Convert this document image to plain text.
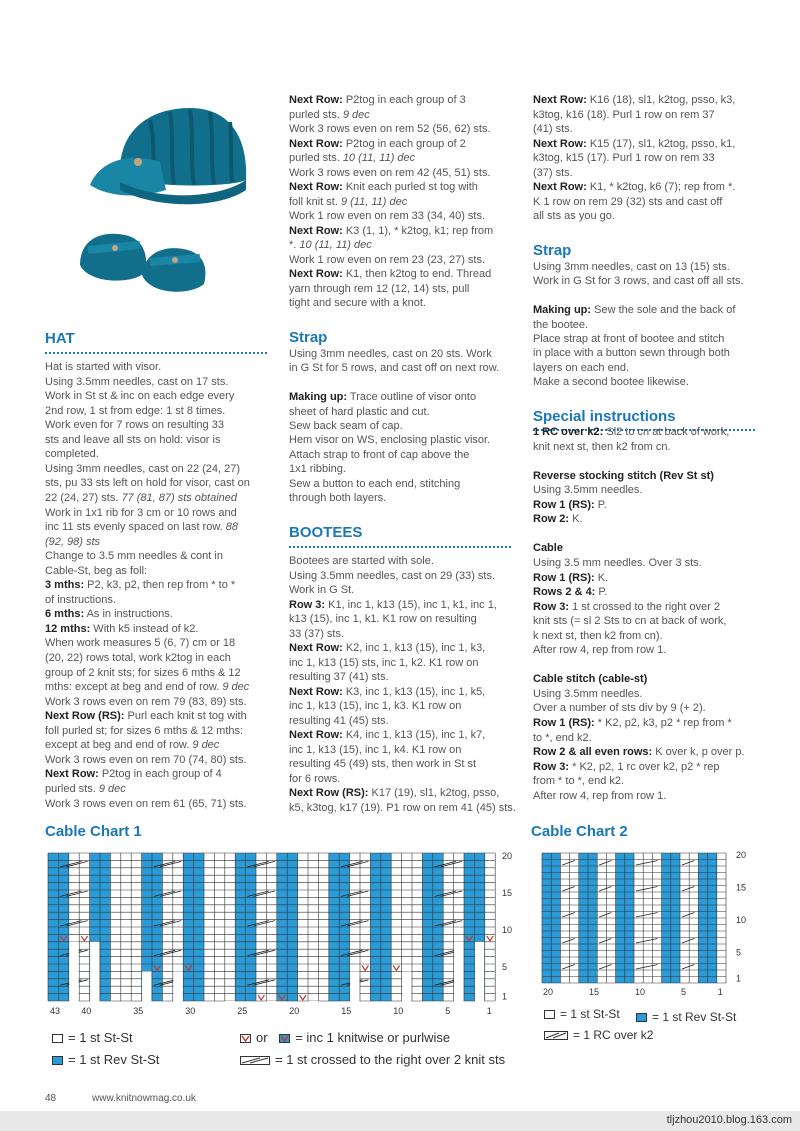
HAT
Hat is started with visor.
Using 3.5mm needles, cast on 17 sts.
Work in St st & inc on each edge every
2nd row, 1 st from edge: 1 st 8 times.
Work even for 7 rows on resulting 33
sts and leave all sts on hold: visor is
completed.
Using 3mm needles, cast on 22 (24, 27)
sts, pu 33 sts left on hold for visor, cast on
22 (24, 27) sts. 77 (81, 87) sts obtained
Work in 1x1 rib for 3 cm or 10 rows and
inc 11 sts evenly spaced on last row. 88
(92, 98) sts
Change to 3.5 mm needles & cont in
Cable-St, beg as foll:
3 mths: P2, k3, p2, then rep from * to *
of instructions.
6 mths: As in instructions.
12 mths: With k5 instead of k2.
When work measures 5 (6, 7) cm or 18
(20, 22) rows total, work k2tog in each
group of 2 knit sts; for sizes 6 mths & 12
mths: except at beg and end of row. 9 dec
Work 3 rows even on rem 79 (83, 89) sts.
Next Row (RS): Purl each knit st tog with
foll purled st; for sizes 6 mths & 12 mths:
except at beg and end of row. 9 dec
Work 3 rows even on rem 70 (74, 80) sts.
Next Row: P2tog in each group of 4
purled sts. 9 dec
Work 3 rows even on rem 61 (65, 71) sts.
Next Row: P2tog in each group of 3
purled sts. 9 dec
Work 3 rows even on rem 52 (56, 62) sts.
Next Row: P2tog in each group of 2
purled sts. 10 (11, 11) dec
Work 3 rows even on rem 42 (45, 51) sts.
Next Row: Knit each purled st tog with
foll knit st. 9 (11, 11) dec
Work 1 row even on rem 33 (34, 40) sts.
Next Row: K3 (1, 1), * k2tog, k1; rep from
*. 10 (11, 11) dec
Work 1 row even on rem 23 (23, 27) sts.
Next Row: K1, then k2tog to end. Thread
yarn through rem 12 (12, 14) sts, pull
tight and secure with a knot.
Strap
Using 3mm needles, cast on 20 sts. Work
in G St for 5 rows, and cast off on next row.
Making up: Trace outline of visor onto
sheet of hard plastic and cut.
Sew back seam of cap.
Hem visor on WS, enclosing plastic visor.
Attach strap to front of cap above the
1x1 ribbing.
Sew a button to each end, stitching
through both layers.
BOOTEES
Bootees are started with sole.
Using 3.5mm needles, cast on 29 (33) sts.
Work in G St.
Row 3: K1, inc 1, k13 (15), inc 1, k1, inc 1,
k13 (15), inc 1, k1. K1 row on resulting
33 (37) sts.
Next Row: K2, inc 1, k13 (15), inc 1, k3,
inc 1, k13 (15) sts, inc 1, k2. K1 row on
resulting 37 (41) sts.
Next Row: K3, inc 1, k13 (15), inc 1, k5,
inc 1, k13 (15), inc 1, k3. K1 row on
resulting 41 (45) sts.
Next Row: K4, inc 1, k13 (15), inc 1, k7,
inc 1, k13 (15), inc 1, k4. K1 row on
resulting 45 (49) sts, then work in St st
for 6 rows.
Next Row (RS): K17 (19), sl1, k2tog, psso,
k5, k3tog, k17 (19). P1 row on rem 41 (45) sts.
Next Row: K16 (18), sl1, k2tog, psso, k3,
k3tog, k16 (18). Purl 1 row on rem 37
(41) sts.
Next Row: K15 (17), sl1, k2tog, psso, k1,
k3tog, k15 (17). Purl 1 row on rem 33
(37) sts.
Next Row: K1, * k2tog, k6 (7); rep from *.
K 1 row on rem 29 (32) sts and cast off
all sts as you go.
Strap
Using 3mm needles, cast on 13 (15) sts.
Work in G St for 3 rows, and cast off all sts.
Making up: Sew the sole and the back of
the bootee.
Place strap at front of bootee and stitch
in place with a button sewn through both
layers on each end.
Make a second bootee likewise.
Special instructions
1 RC over k2: Sl2 to cn at back of work,
knit next st, then k2 from cn.
Reverse stocking stitch (Rev St st)
Using 3.5mm needles.
Row 1 (RS): P.
Row 2: K.
Cable
Using 3.5 mm needles. Over 3 sts.
Row 1 (RS): K.
Rows 2 & 4: P.
Row 3: 1 st crossed to the right over 2
knit sts (= sl 2 Sts to cn at back of work,
k next st, then k2 from cn).
After row 4, rep from row 1.
Cable stitch (cable-st)
Using 3.5mm needles.
Over a number of sts div by 9 (+ 2).
Row 1 (RS): * K2, p2, k3, p2 * rep from *
to *, end k2.
Row 2 & all even rows: K over k, p over p.
Row 3: * K2, p2, 1 rc over k2, p2 * rep
from * to *, end k2.
After row 4, rep from row 1.
Cable Chart 1
20
15
10
5
1
43 40	35	30	25	20	15	10	5	1
Cable Chart 2
20
15
10
5
1
20	15	10	5	1
= 1 st St-St
= 1 st Rev St-St
or = inc 1 knitwise or purlwise
= 1 st crossed to the right over 2 knit sts
= 1 st St-St	= 1 st Rev St-St
= 1 RC over k2
48	www.knitnowmag.co.uk
tljzhou2010.blog.163.com
